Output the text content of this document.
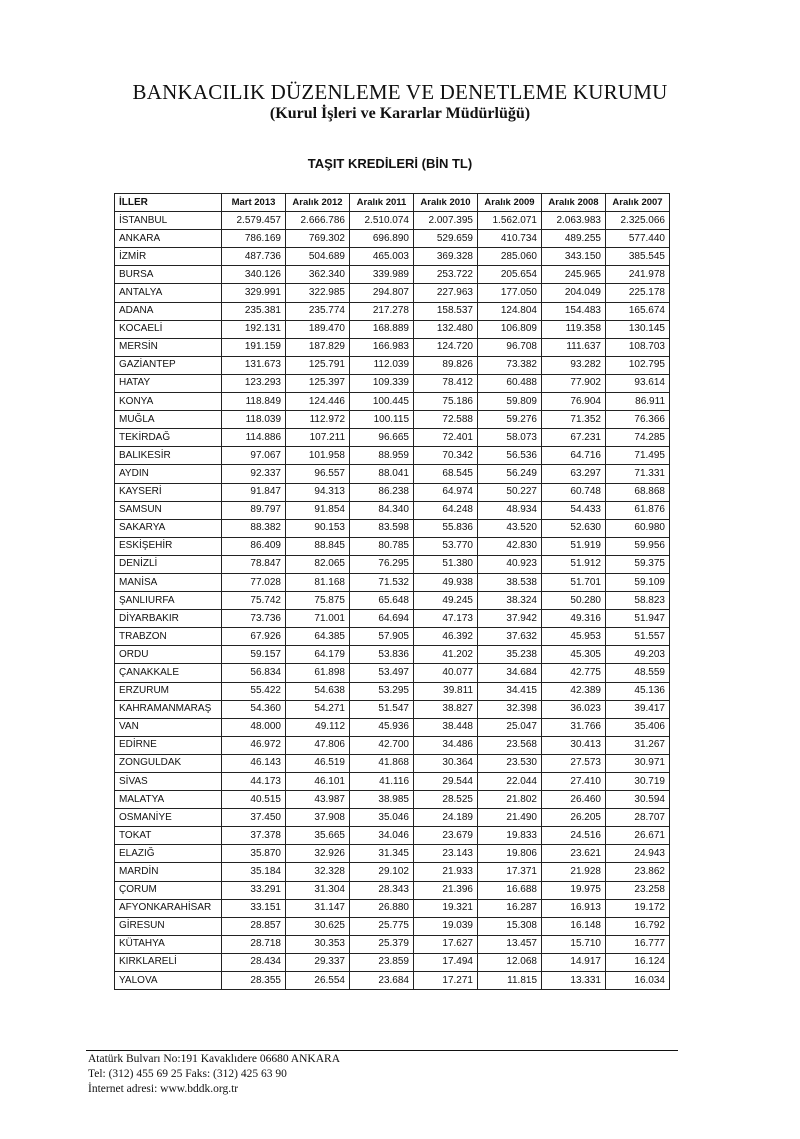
BANKACILIK DÜZENLEME VE DENETLEME KURUMU
(Kurul İşleri ve Kararlar Müdürlüğü)
TAŞIT KREDİLERİ (BİN TL)
İLLER	Mart 2013	Aralık 2012	Aralık 2011	Aralık 2010	Aralık 2009	Aralık 2008	Aralık 2007
İSTANBUL	2.579.457	2.666.786	2.510.074	2.007.395	1.562.071	2.063.983	2.325.066
ANKARA	786.169	769.302	696.890	529.659	410.734	489.255	577.440
İZMİR	487.736	504.689	465.003	369.328	285.060	343.150	385.545
BURSA	340.126	362.340	339.989	253.722	205.654	245.965	241.978
ANTALYA	329.991	322.985	294.807	227.963	177.050	204.049	225.178
ADANA	235.381	235.774	217.278	158.537	124.804	154.483	165.674
KOCAELİ	192.131	189.470	168.889	132.480	106.809	119.358	130.145
MERSİN	191.159	187.829	166.983	124.720	96.708	111.637	108.703
GAZİANTEP	131.673	125.791	112.039	89.826	73.382	93.282	102.795
HATAY	123.293	125.397	109.339	78.412	60.488	77.902	93.614
KONYA	118.849	124.446	100.445	75.186	59.809	76.904	86.911
MUĞLA	118.039	112.972	100.115	72.588	59.276	71.352	76.366
TEKİRDAĞ	114.886	107.211	96.665	72.401	58.073	67.231	74.285
BALIKESİR	97.067	101.958	88.959	70.342	56.536	64.716	71.495
AYDIN	92.337	96.557	88.041	68.545	56.249	63.297	71.331
KAYSERİ	91.847	94.313	86.238	64.974	50.227	60.748	68.868
SAMSUN	89.797	91.854	84.340	64.248	48.934	54.433	61.876
SAKARYA	88.382	90.153	83.598	55.836	43.520	52.630	60.980
ESKİŞEHİR	86.409	88.845	80.785	53.770	42.830	51.919	59.956
DENİZLİ	78.847	82.065	76.295	51.380	40.923	51.912	59.375
MANİSA	77.028	81.168	71.532	49.938	38.538	51.701	59.109
ŞANLIURFA	75.742	75.875	65.648	49.245	38.324	50.280	58.823
DİYARBAKIR	73.736	71.001	64.694	47.173	37.942	49.316	51.947
TRABZON	67.926	64.385	57.905	46.392	37.632	45.953	51.557
ORDU	59.157	64.179	53.836	41.202	35.238	45.305	49.203
ÇANAKKALE	56.834	61.898	53.497	40.077	34.684	42.775	48.559
ERZURUM	55.422	54.638	53.295	39.811	34.415	42.389	45.136
KAHRAMANMARAŞ	54.360	54.271	51.547	38.827	32.398	36.023	39.417
VAN	48.000	49.112	45.936	38.448	25.047	31.766	35.406
EDİRNE	46.972	47.806	42.700	34.486	23.568	30.413	31.267
ZONGULDAK	46.143	46.519	41.868	30.364	23.530	27.573	30.971
SİVAS	44.173	46.101	41.116	29.544	22.044	27.410	30.719
MALATYA	40.515	43.987	38.985	28.525	21.802	26.460	30.594
OSMANİYE	37.450	37.908	35.046	24.189	21.490	26.205	28.707
TOKAT	37.378	35.665	34.046	23.679	19.833	24.516	26.671
ELAZIĞ	35.870	32.926	31.345	23.143	19.806	23.621	24.943
MARDİN	35.184	32.328	29.102	21.933	17.371	21.928	23.862
ÇORUM	33.291	31.304	28.343	21.396	16.688	19.975	23.258
AFYONKARAHİSAR	33.151	31.147	26.880	19.321	16.287	16.913	19.172
GİRESUN	28.857	30.625	25.775	19.039	15.308	16.148	16.792
KÜTAHYA	28.718	30.353	25.379	17.627	13.457	15.710	16.777
KIRKLARELİ	28.434	29.337	23.859	17.494	12.068	14.917	16.124
YALOVA	28.355	26.554	23.684	17.271	11.815	13.331	16.034
Atatürk Bulvarı No:191 Kavaklıdere 06680 ANKARA
Tel: (312) 455 69 25 Faks: (312) 425 63 90
İnternet adresi: www.bddk.org.tr
